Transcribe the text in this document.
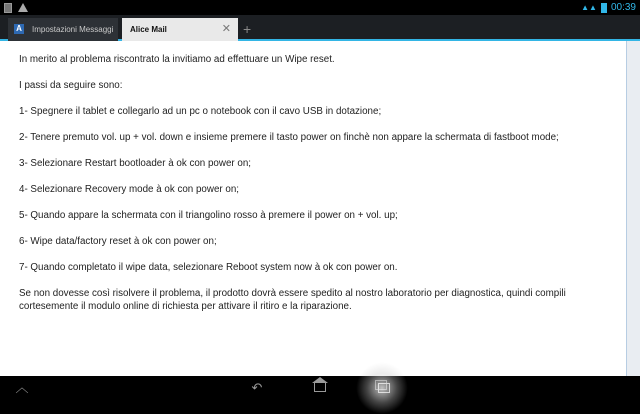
▲▲ 00:39
A Impostazioni Messaggi Alice Mail	✕ +

In merito al problema riscontrato la invitiamo ad effettuare un Wipe reset.

I passi da seguire sono:

1- Spegnere il tablet e collegarlo ad un pc o notebook con il cavo USB in dotazione;

2- Tenere premuto vol. up + vol. down e insieme premere il tasto power on finchè non appare la schermata di fastboot mode;

3- Selezionare Restart bootloader à ok con power on;

4- Selezionare Recovery mode à ok con power on;

5- Quando appare la schermata con il triangolino rosso à premere il power on + vol. up;

6- Wipe data/factory reset à ok con power on;

7- Quando completato il wipe data, selezionare Reboot system now à ok con power on.

Se non dovesse così risolvere il problema, il prodotto dovrà essere spedito al nostro laboratorio per diagnostica, quindi compili cortesemente il modulo online di richiesta per attivare il ritiro e la riparazione.

︿	↶
